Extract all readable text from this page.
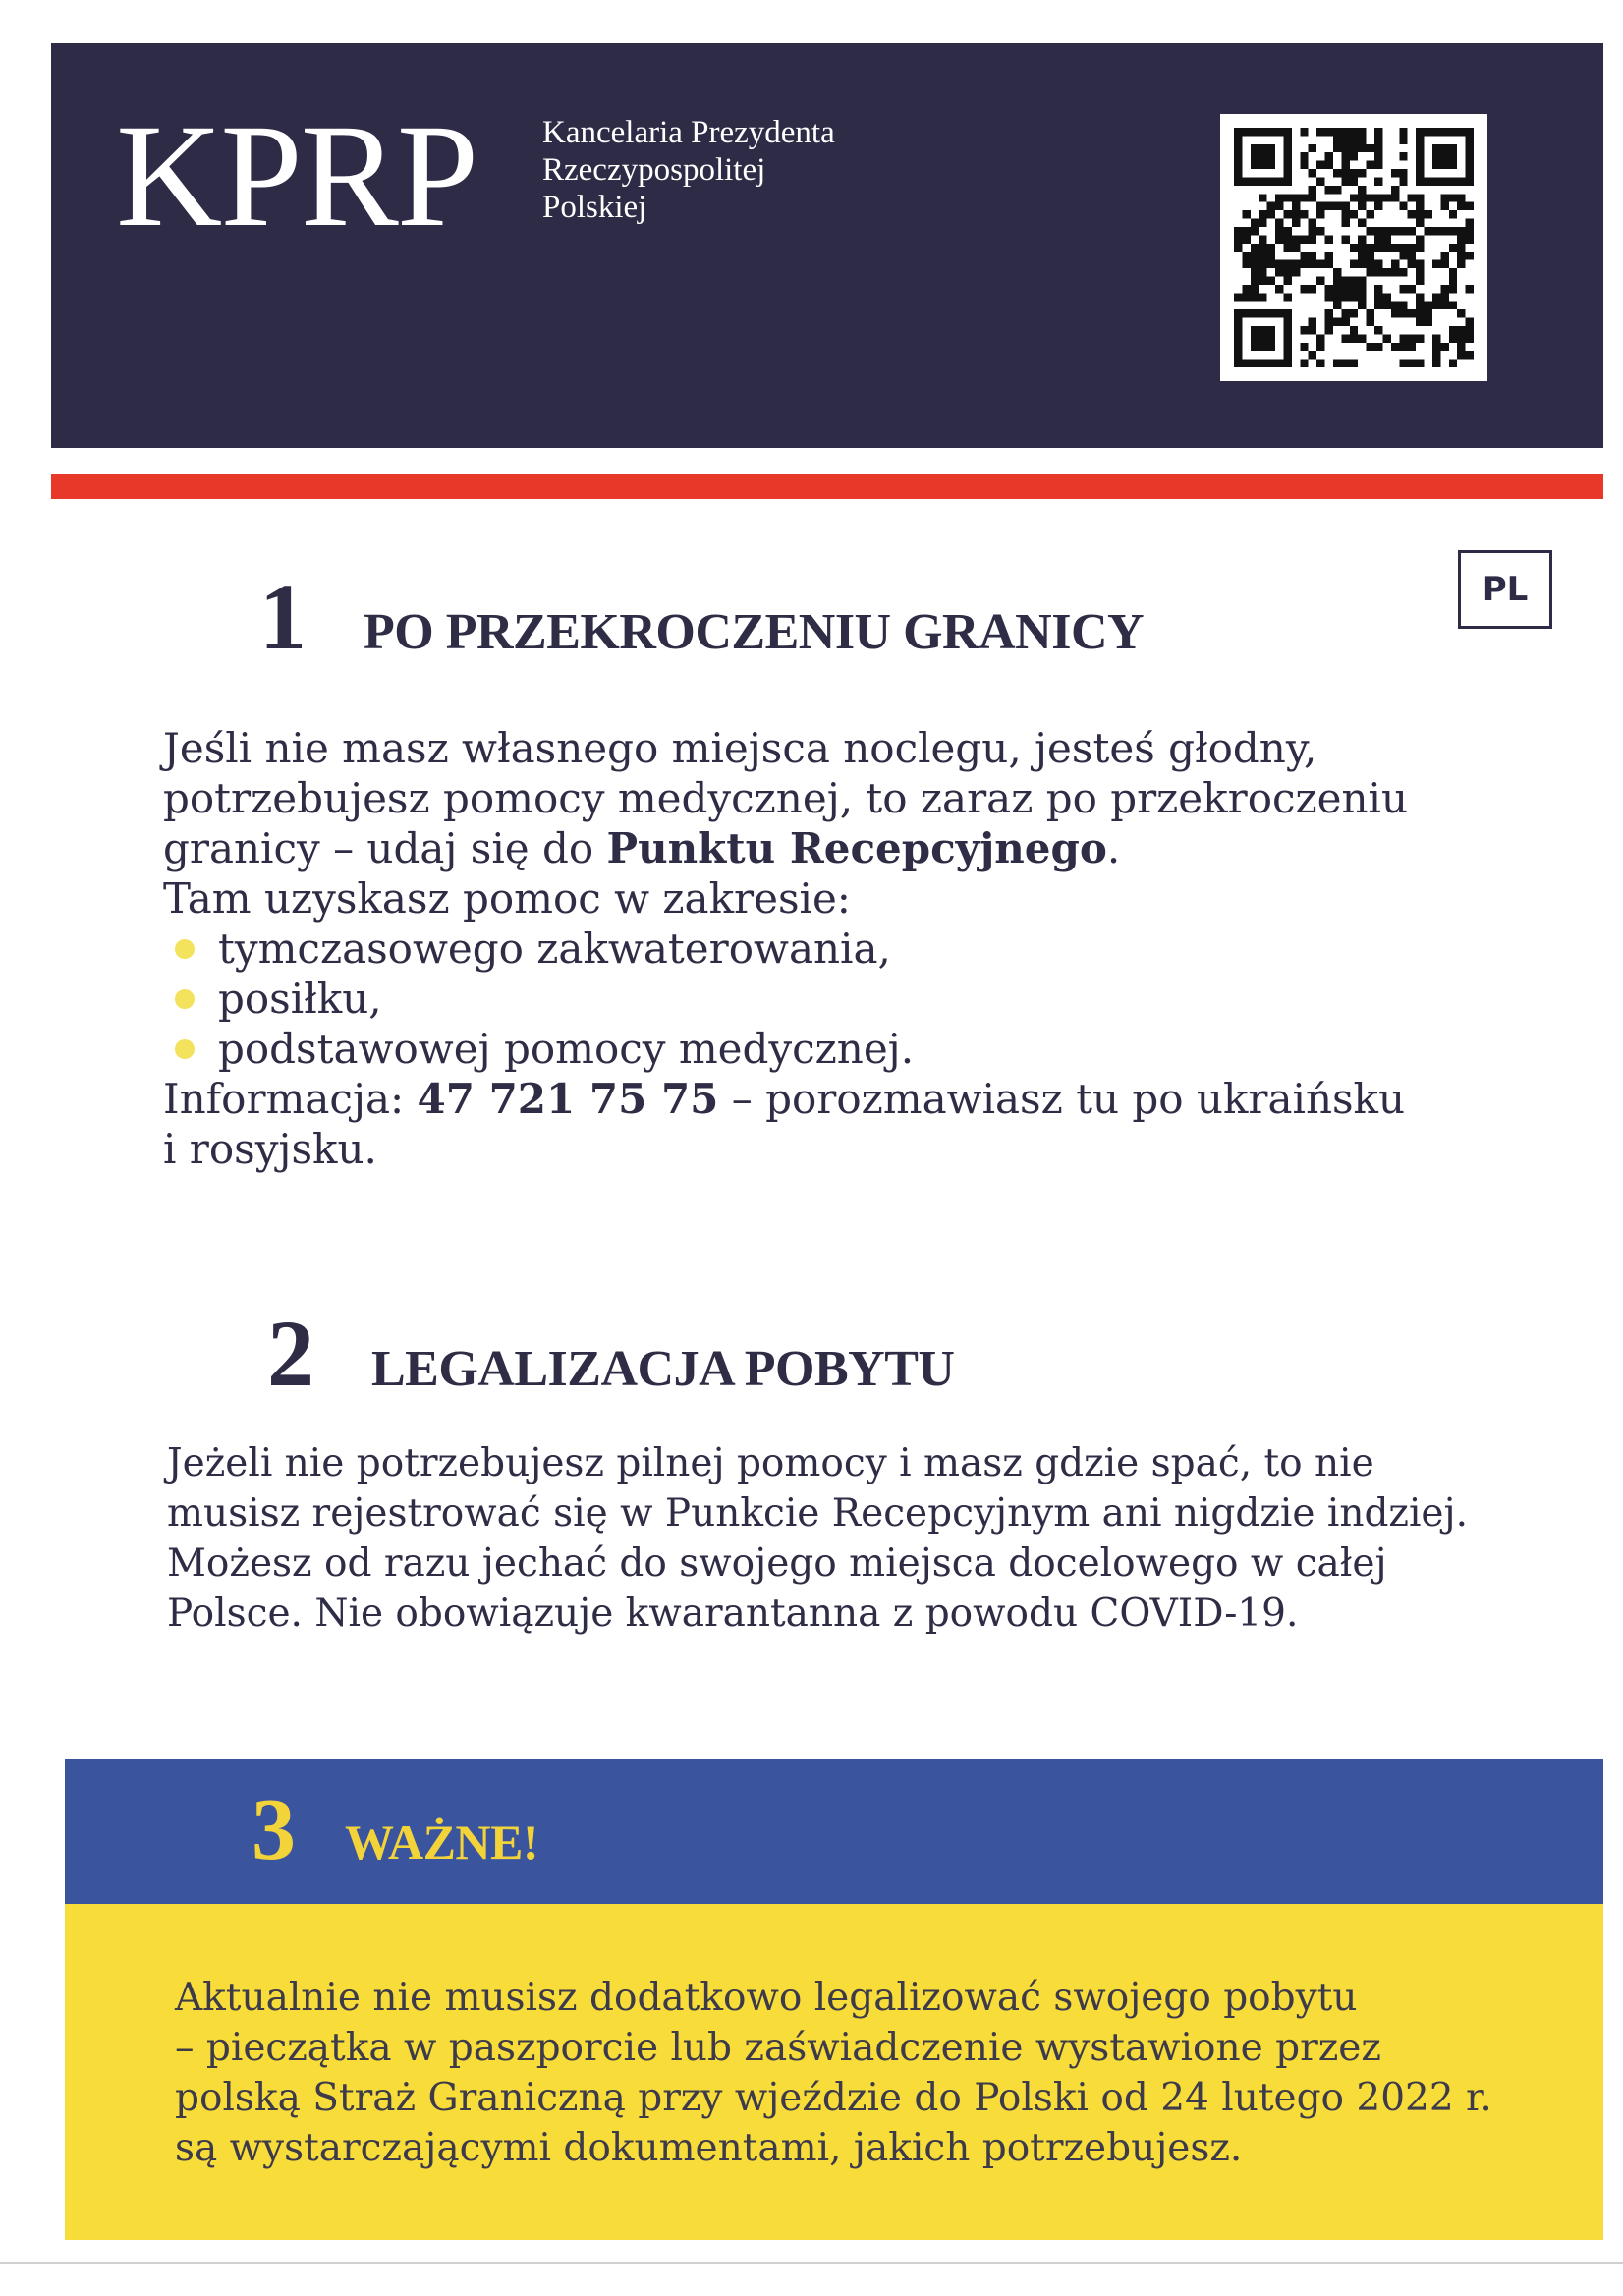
KPRP Kancelaria Prezydenta
Rzeczypospolitej
Polskiej
PL
1 PO PRZEKROCZENIU GRANICY
Jeśli nie masz własnego miejsca noclegu, jesteś głodny,
potrzebujesz pomocy medycznej, to zaraz po przekroczeniu
granicy – udaj się do Punktu Recepcyjnego.
Tam uzyskasz pomoc w zakresie:
tymczasowego zakwaterowania,
posiłku,
podstawowej pomocy medycznej.
Informacja: 47 721 75 75 – porozmawiasz tu po ukraińsku
i rosyjsku.
2 LEGALIZACJA POBYTU
Jeżeli nie potrzebujesz pilnej pomocy i masz gdzie spać, to nie
musisz rejestrować się w Punkcie Recepcyjnym ani nigdzie indziej.
Możesz od razu jechać do swojego miejsca docelowego w całej
Polsce. Nie obowiązuje kwarantanna z powodu COVID-19.
3 WAŻNE!
Aktualnie nie musisz dodatkowo legalizować swojego pobytu
– pieczątka w paszporcie lub zaświadczenie wystawione przez
polską Straż Graniczną przy wjeździe do Polski od 24 lutego 2022 r.
są wystarczającymi dokumentami, jakich potrzebujesz.
